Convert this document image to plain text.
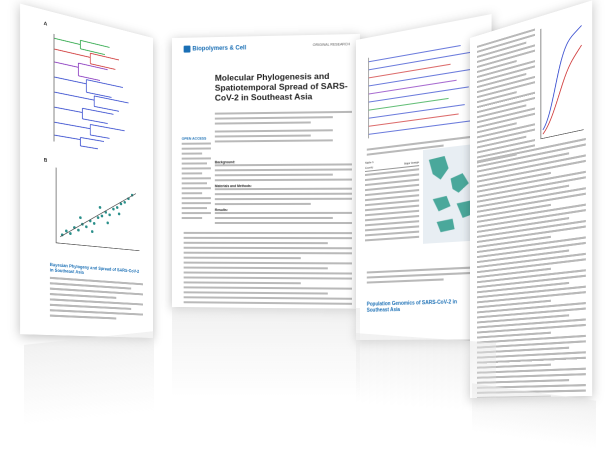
A
B
Bayesian Phylogeny and Spread of SARS-CoV-2 in Southeast Asia
Biopolymers & Cell
ORIGINAL RESEARCH
Molecular Phylogenesis and Spatiotemporal Spread of SARS-CoV-2 in Southeast Asia
OPEN ACCESS
Background:
Materials and Methods:
Results:
Table 1
Country
Major lineage
Population Genomics of SARS-CoV-2 in Southeast Asia
